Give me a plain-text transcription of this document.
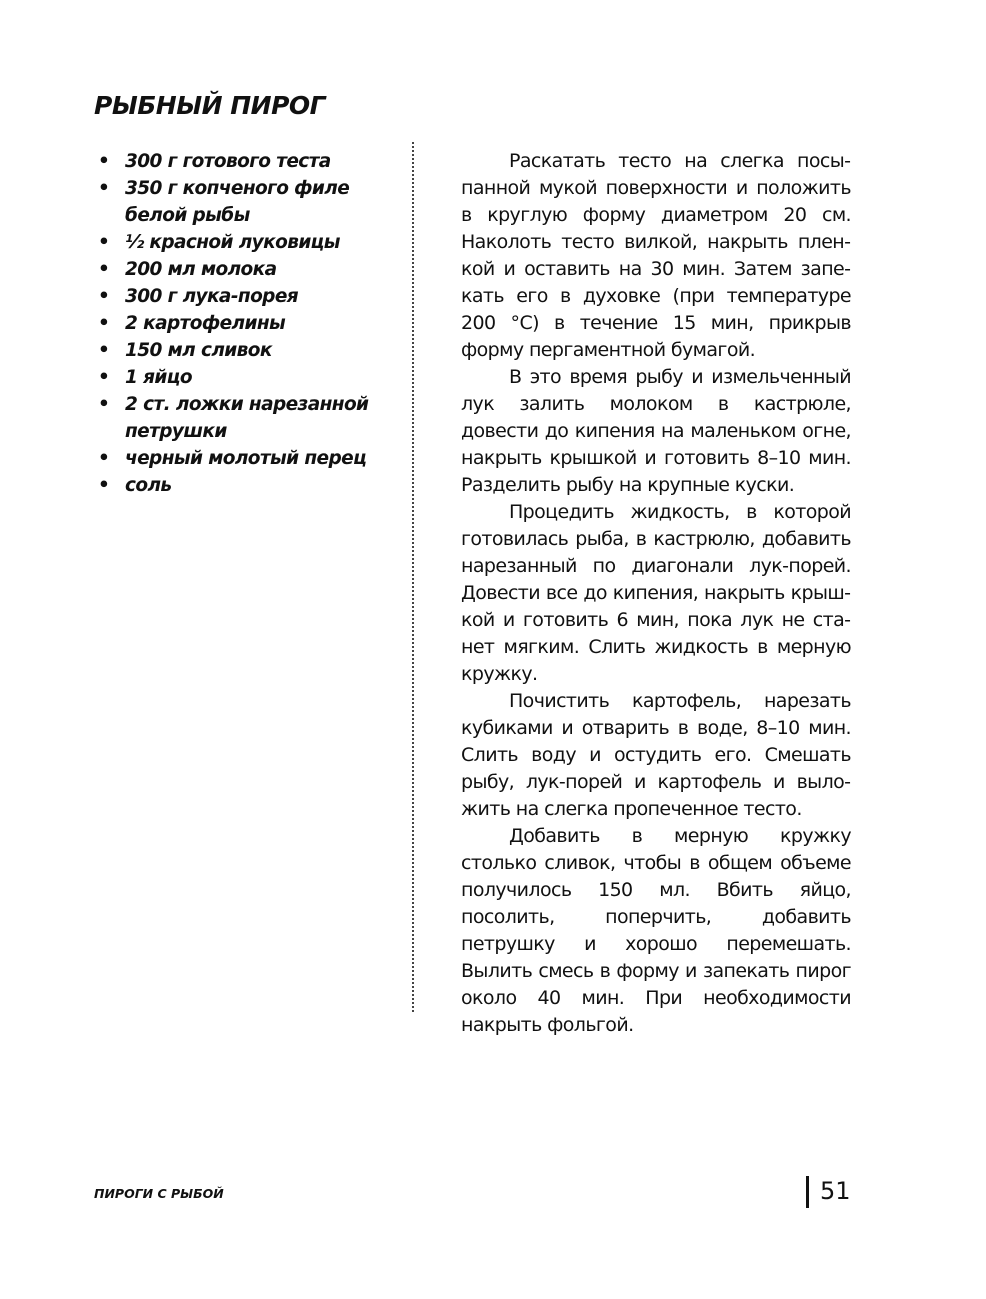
РЫБНЫЙ ПИРОГ
• 300 г готового теста
• 350 г копченого филе белой рыбы
• ½ красной луковицы
• 200 мл молока
• 300 г лука-порея
• 2 картофелины
• 150 мл сливок
• 1 яйцо
• 2 ст. ложки нарезанной петрушки
• черный молотый перец
• соль

Раскатать тесто на слегка посыпанной мукой поверхности и положить в круглую форму диаметром 20 см. Наколоть тесто вилкой, накрыть пленкой и оставить на 30 мин. Затем запекать его в духовке (при температуре 200 °С) в течение 15 мин, прикрыв форму пергаментной бумагой.

В это время рыбу и измельченный лук залить молоком в кастрюле, довести до кипения на маленьком огне, накрыть крышкой и готовить 8–10 мин. Разделить рыбу на крупные куски.

Процедить жидкость, в которой готовилась рыба, в кастрюлю, добавить нарезанный по диагонали лук-порей. Довести все до кипения, накрыть крышкой и готовить 6 мин, пока лук не станет мягким. Слить жидкость в мерную кружку.

Почистить картофель, нарезать кубиками и отварить в воде, 8–10 мин. Слить воду и остудить его. Смешать рыбу, лук-порей и картофель и выложить на слегка пропеченное тесто.

Добавить в мерную кружку столько сливок, чтобы в общем объеме получилось 150 мл. Вбить яйцо, посолить, поперчить, добавить петрушку и хорошо перемешать. Вылить смесь в форму и запекать пирог около 40 мин. При необходимости накрыть фольгой.

ПИРОГИ С РЫБОЙ	51
